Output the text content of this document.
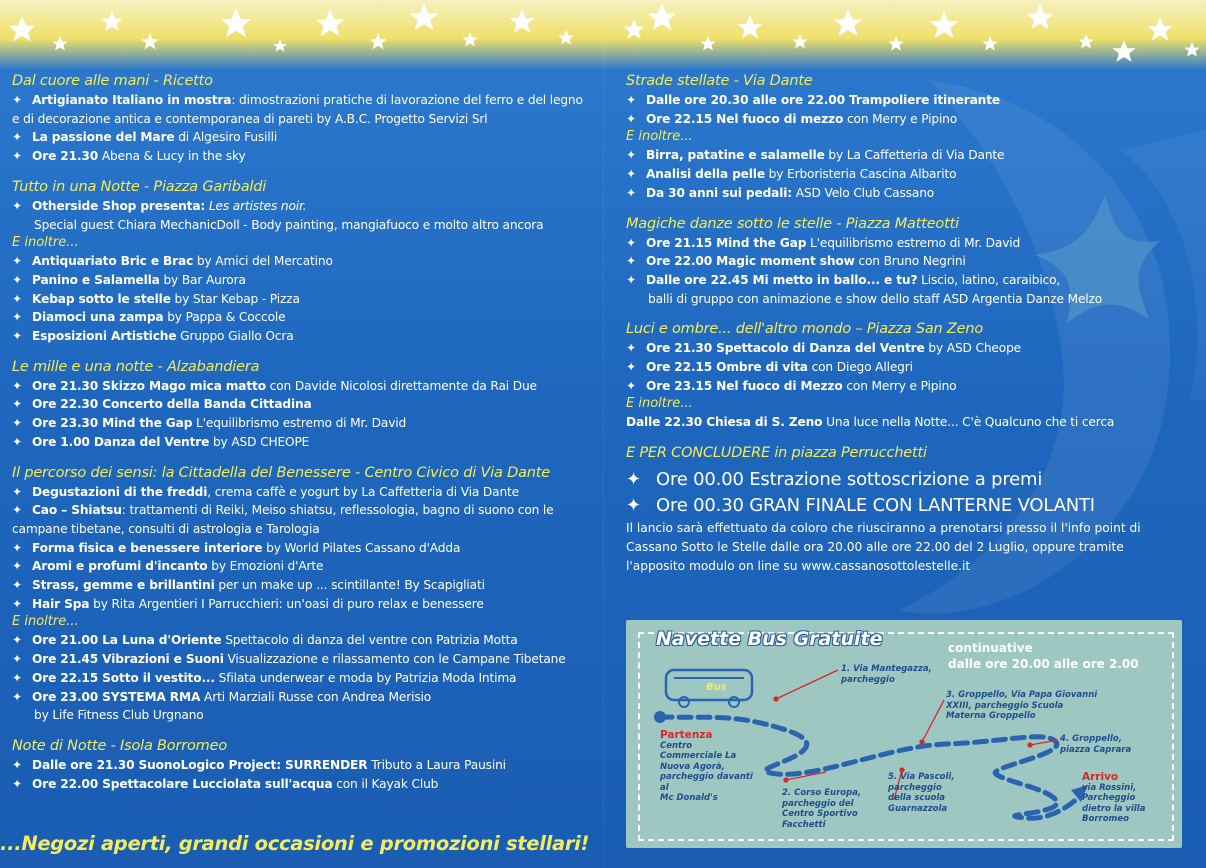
Dal cuore alle mani - Ricetto
✦ Artigianato Italiano in mostra: dimostrazioni pratiche di lavorazione del ferro e del legno
e di decorazione antica e contemporanea di pareti by A.B.C. Progetto Servizi Srl
✦ La passione del Mare di Algesiro Fusilli
✦ Ore 21.30 Abena & Lucy in the sky
Tutto in una Notte - Piazza Garibaldi
✦ Otherside Shop presenta: Les artistes noir.
Special guest Chiara MechanicDoll - Body painting, mangiafuoco e molto altro ancora
E inoltre...
✦ Antiquariato Bric e Brac by Amici del Mercatino
✦ Panino e Salamella by Bar Aurora
✦ Kebap sotto le stelle by Star Kebap - Pizza
✦ Diamoci una zampa by Pappa & Coccole
✦ Esposizioni Artistiche Gruppo Giallo Ocra
Le mille e una notte - Alzabandiera
✦ Ore 21.30 Skizzo Mago mica matto con Davide Nicolosi direttamente da Rai Due
✦ Ore 22.30 Concerto della Banda Cittadina
✦ Ore 23.30 Mind the Gap L'equilibrismo estremo di Mr. David
✦ Ore 1.00 Danza del Ventre by ASD CHEOPE
Il percorso dei sensi: la Cittadella del Benessere - Centro Civico di Via Dante
✦ Degustazioni di the freddi, crema caffè e yogurt by La Caffetteria di Via Dante
✦ Cao – Shiatsu: trattamenti di Reiki, Meiso shiatsu, reflessologia, bagno di suono con le
campane tibetane, consulti di astrologia e Tarologia
✦ Forma fisica e benessere interiore by World Pilates Cassano d'Adda
✦ Aromi e profumi d'incanto by Emozioni d'Arte
✦ Strass, gemme e brillantini per un make up ... scintillante! By Scapigliati
✦ Hair Spa by Rita Argentieri I Parrucchieri: un'oasi di puro relax e benessere
E inoltre...
✦ Ore 21.00 La Luna d'Oriente Spettacolo di danza del ventre con Patrizia Motta
✦ Ore 21.45 Vibrazioni e Suoni Visualizzazione e rilassamento con le Campane Tibetane
✦ Ore 22.15 Sotto il vestito... Sfilata underwear e moda by Patrizia Moda Intima
✦ Ore 23.00 SYSTEMA RMA Arti Marziali Russe con Andrea Merisio
by Life Fitness Club Urgnano
Note di Notte - Isola Borromeo
✦ Dalle ore 21.30 SuonoLogico Project: SURRENDER Tributo a Laura Pausini
✦ Ore 22.00 Spettacolare Lucciolata sull'acqua con il Kayak Club
...Negozi aperti, grandi occasioni e promozioni stellari!
Strade stellate - Via Dante
✦ Dalle ore 20.30 alle ore 22.00 Trampoliere itinerante
✦ Ore 22.15 Nel fuoco di mezzo con Merry e Pipino
E inoltre...
✦ Birra, patatine e salamelle by La Caffetteria di Via Dante
✦ Analisi della pelle by Erboristeria Cascina Albarito
✦ Da 30 anni sui pedali: ASD Velo Club Cassano
Magiche danze sotto le stelle - Piazza Matteotti
✦ Ore 21.15 Mind the Gap L'equilibrismo estremo di Mr. David
✦ Ore 22.00 Magic moment show con Bruno Negrini
✦ Dalle ore 22.45 Mi metto in ballo... e tu? Liscio, latino, caraibico,
balli di gruppo con animazione e show dello staff ASD Argentia Danze Melzo
Luci e ombre... dell'altro mondo – Piazza San Zeno
✦ Ore 21.30 Spettacolo di Danza del Ventre by ASD Cheope
✦ Ore 22.15 Ombre di vita con Diego Allegri
✦ Ore 23.15 Nel fuoco di Mezzo con Merry e Pipino
E inoltre...
Dalle 22.30 Chiesa di S. Zeno Una luce nella Notte... C'è Qualcuno che ti cerca
E PER CONCLUDERE in piazza Perrucchetti
✦ Ore 00.00 Estrazione sottoscrizione a premi
✦ Ore 00.30 GRAN FINALE CON LANTERNE VOLANTI
Il lancio sarà effettuato da coloro che riusciranno a prenotarsi presso il l'info point di
Cassano Sotto le Stelle dalle ora 20.00 alle ore 22.00 del 2 Luglio, oppure tramite
l'apposito modulo on line su www.cassanosottolestelle.it
Navette Bus Gratuite	continuative
dalle ore 20.00 alle ore 2.00
Bus
Partenza
Centro
Commerciale La
Nuova Agorà,
parcheggio davanti
al
Mc Donald's
1. Via Mantegazza,
parcheggio
2. Corso Europa,
parcheggio del
Centro Sportivo
Facchetti
3. Groppello, Via Papa Giovanni
XXIII, parcheggio Scuola
Materna Groppello
4. Groppello,
piazza Caprara
5. Via Pascoli,
parcheggio
della scuola
Guarnazzola
Arrivo
via Rossini,
Parcheggio
dietro la villa
Borromeo
